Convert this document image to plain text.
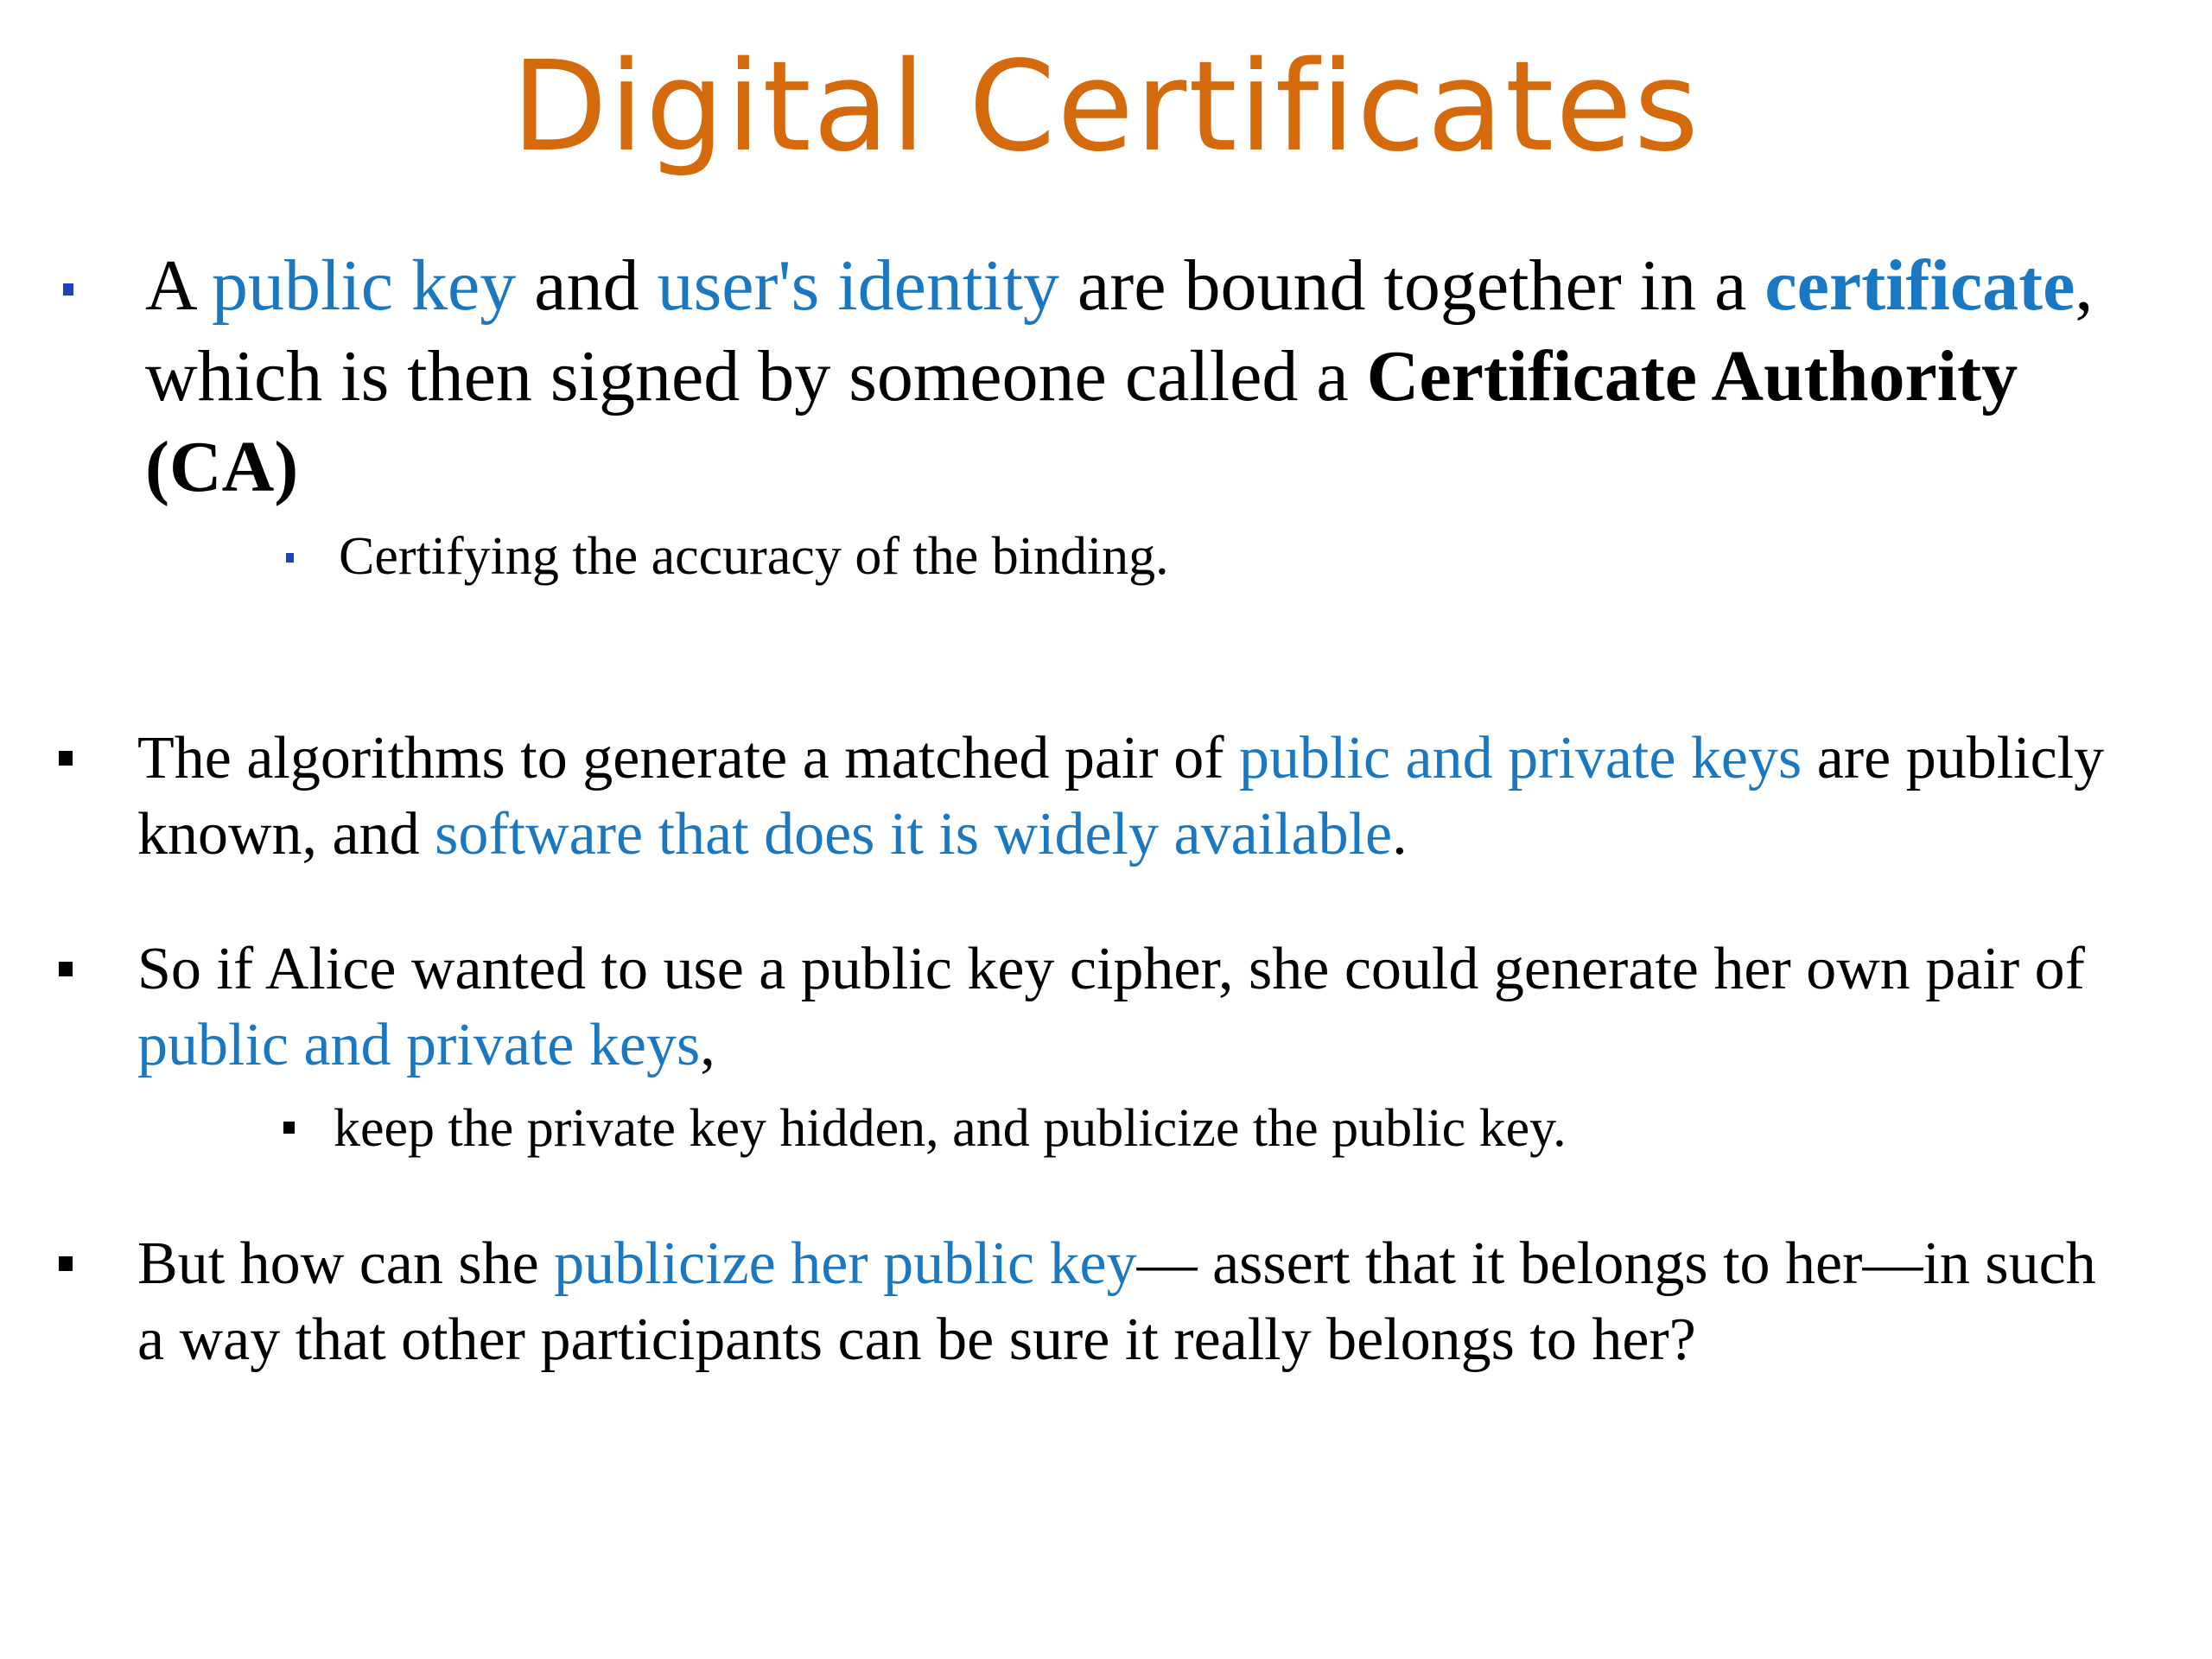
Digital Certificates
A public key and user's identity are bound together in a certificate,
which is then signed by someone called a Certificate Authority
(CA)
Certifying the accuracy of the binding.
The algorithms to generate a matched pair of public and private keys are publicly
known, and software that does it is widely available.
So if Alice wanted to use a public key cipher, she could generate her own pair of
public and private keys,
keep the private key hidden, and publicize the public key.
But how can she publicize her public key— assert that it belongs to her—in such
a way that other participants can be sure it really belongs to her?
